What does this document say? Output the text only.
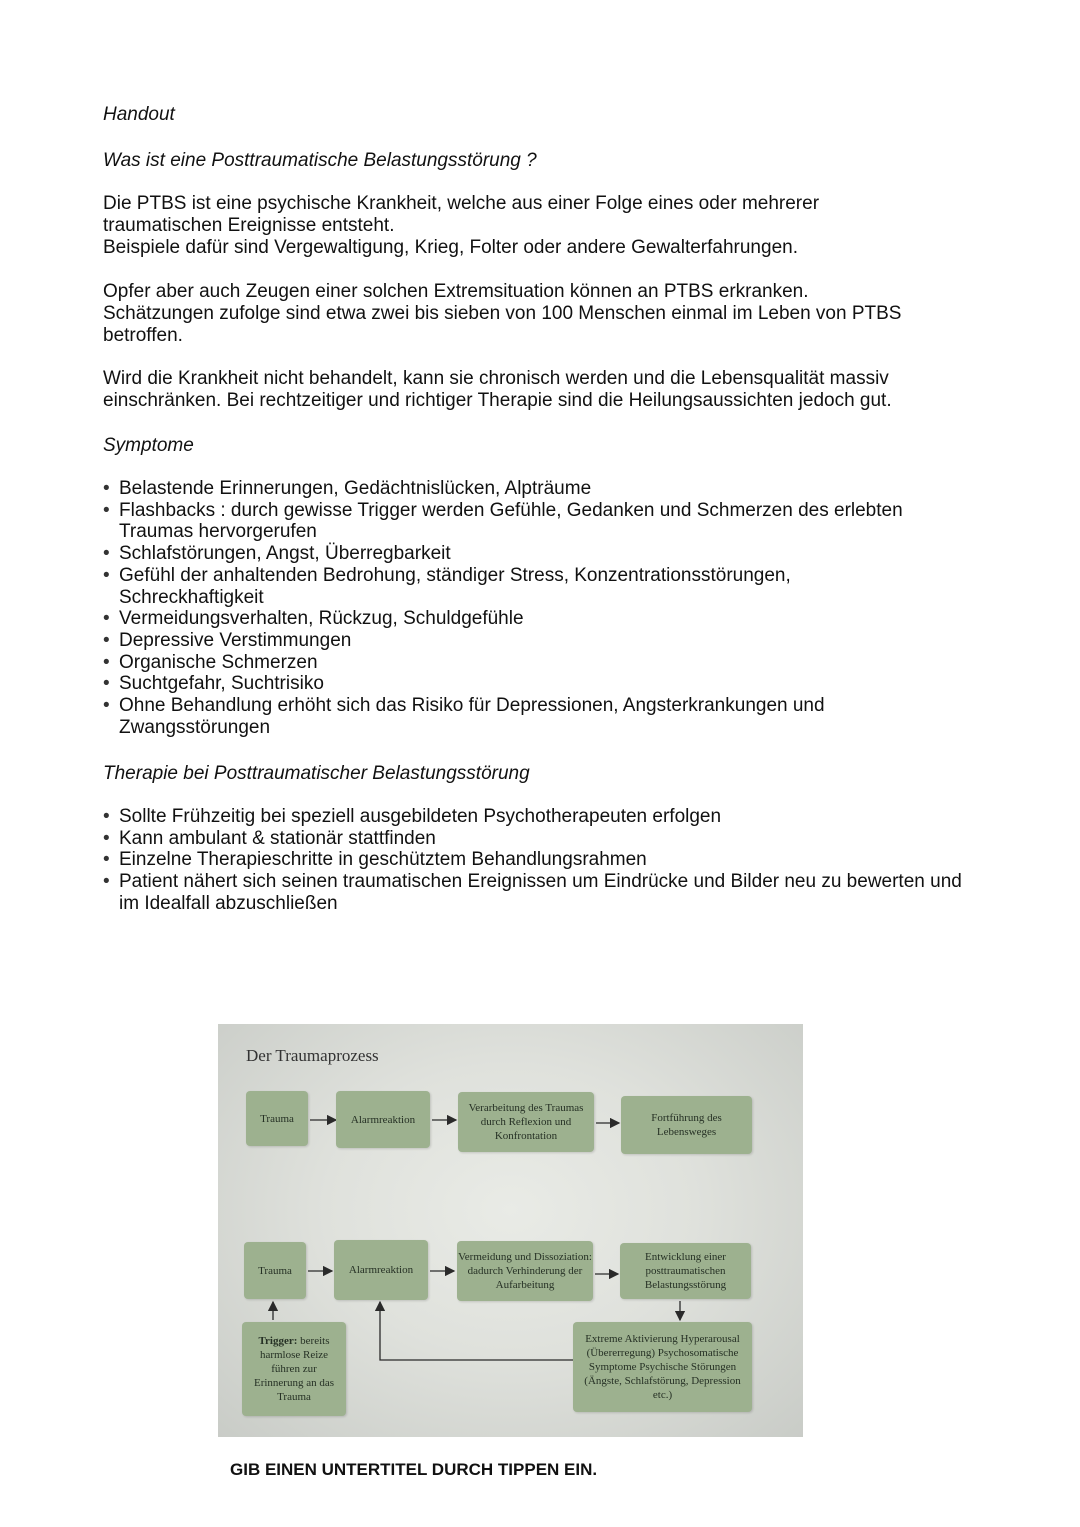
Handout

Was ist eine Posttraumatische Belastungsstörung ?

Die PTBS ist eine psychische Krankheit, welche aus einer Folge eines oder mehrerer
traumatischen Ereignisse entsteht.
Beispiele dafür sind Vergewaltigung, Krieg, Folter oder andere Gewalterfahrungen.
Opfer aber auch Zeugen einer solchen Extremsituation können an PTBS erkranken.
Schätzungen zufolge sind etwa zwei bis sieben von 100 Menschen einmal im Leben von PTBS
betroffen.
Wird die Krankheit nicht behandelt, kann sie chronisch werden und die Lebensqualität massiv
einschränken. Bei rechtzeitiger und richtiger Therapie sind die Heilungsaussichten jedoch gut.

Symptome

• Belastende Erinnerungen, Gedächtnislücken, Alpträume
• Flashbacks : durch gewisse Trigger werden Gefühle, Gedanken und Schmerzen des erlebten Traumas hervorgerufen
• Schlafstörungen, Angst, Überregbarkeit
• Gefühl der anhaltenden Bedrohung, ständiger Stress, Konzentrationsstörungen, Schreckhaftigkeit
• Vermeidungsverhalten, Rückzug, Schuldgefühle
• Depressive Verstimmungen
• Organische Schmerzen
• Suchtgefahr, Suchtrisiko
• Ohne Behandlung erhöht sich das Risiko für Depressionen, Angsterkrankungen und Zwangsstörungen

Therapie bei Posttraumatischer Belastungsstörung

• Sollte Frühzeitig bei speziell ausgebildeten Psychotherapeuten erfolgen
• Kann ambulant & stationär stattfinden
• Einzelne Therapieschritte in geschütztem Behandlungsrahmen
• Patient nähert sich seinen traumatischen Ereignissen um Eindrücke und Bilder neu zu bewerten und im Idealfall abzuschließen

Der Traumaprozess

Trauma	Alarmreaktion
Verarbeitung des Traumas durch Reflexion und Konfrontation
Fortführung des Lebensweges
Trauma	Alarmreaktion
Vermeidung und Dissoziation: dadurch Verhinderung der Aufarbeitung
Entwicklung einer posttraumatischen Belastungsstörung
Trigger: bereits harmlose Reize führen zur Erinnerung an das Trauma
Extreme Aktivierung Hyperarousal (Übererregung) Psychosomatische Symptome Psychische Störungen (Ängste, Schlafstörung, Depression etc.)

GIB EINEN UNTERTITEL DURCH TIPPEN EIN.
